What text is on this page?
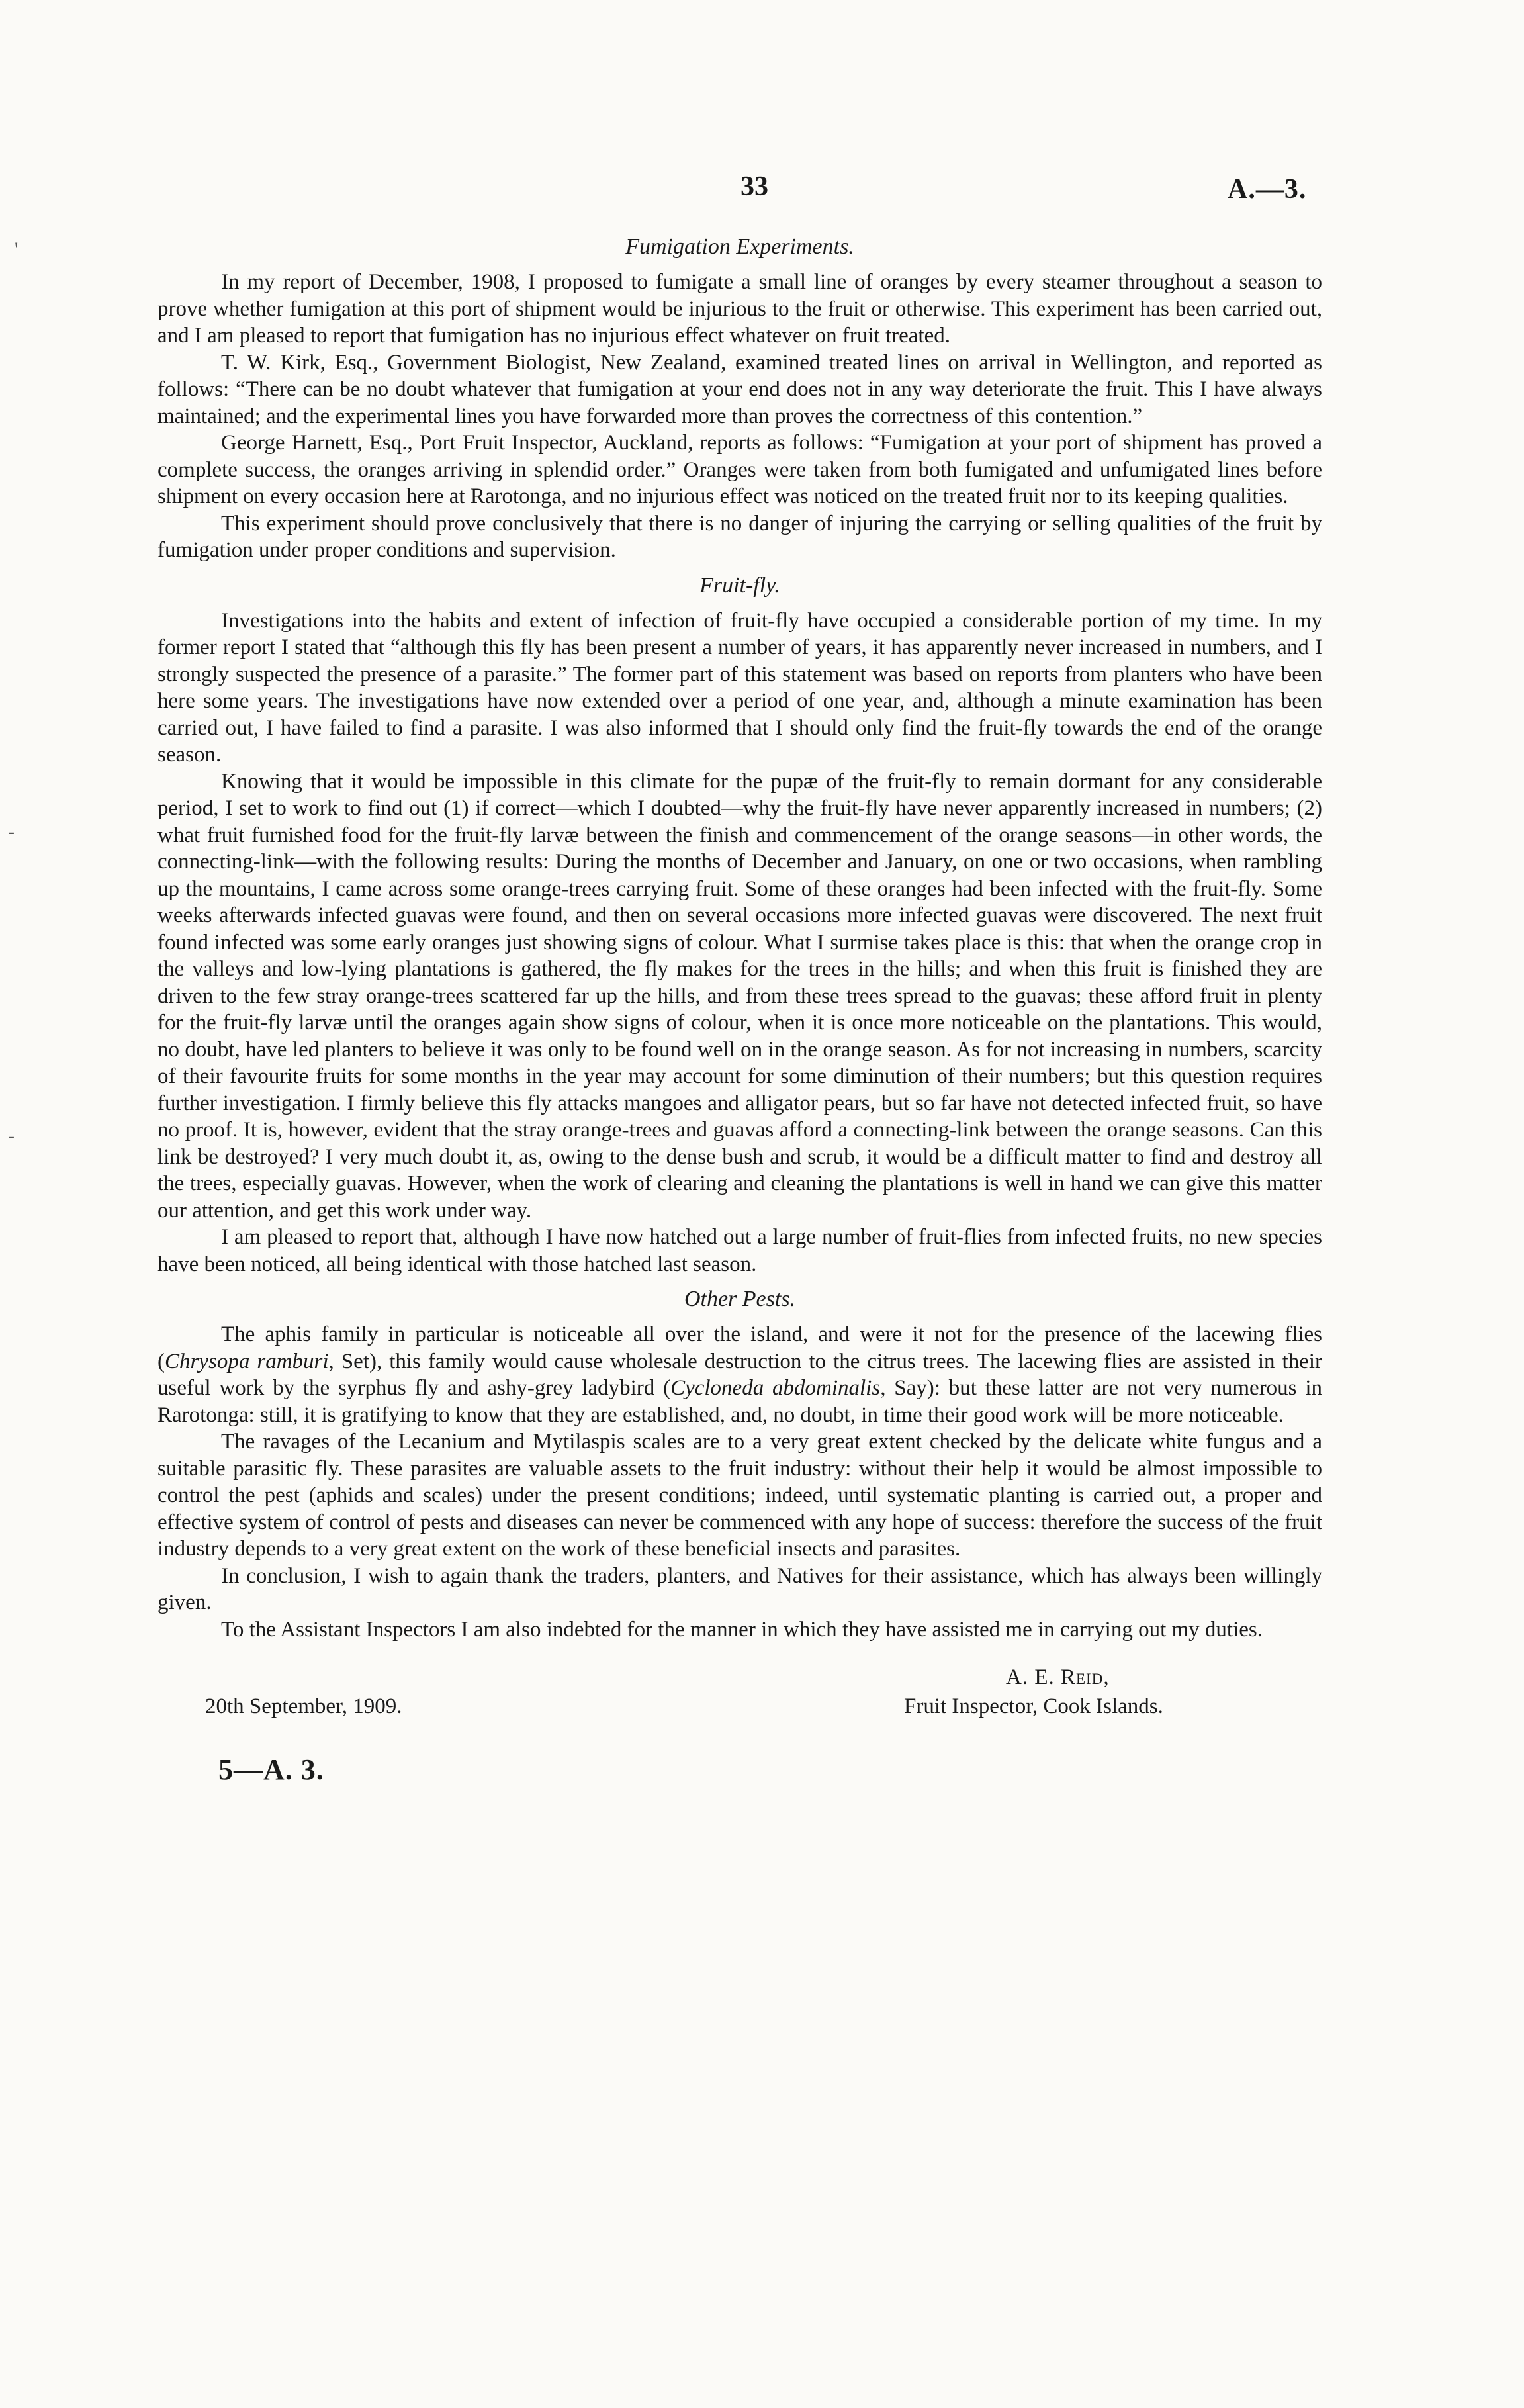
33	A.—3.
'
-
-
Fumigation Experiments.

In my report of December, 1908, I proposed to fumigate a small line of oranges by every steamer throughout a season to prove whether fumigation at this port of shipment would be injurious to the fruit or otherwise. This experiment has been carried out, and I am pleased to report that fumigation has no injurious effect whatever on fruit treated.

T. W. Kirk, Esq., Government Biologist, New Zealand, examined treated lines on arrival in Wellington, and reported as follows: “There can be no doubt whatever that fumigation at your end does not in any way deteriorate the fruit. This I have always maintained; and the experimental lines you have forwarded more than proves the correctness of this contention.”

George Harnett, Esq., Port Fruit Inspector, Auckland, reports as follows: “Fumigation at your port of shipment has proved a complete success, the oranges arriving in splendid order.” Oranges were taken from both fumigated and unfumigated lines before shipment on every occasion here at Rarotonga, and no injurious effect was noticed on the treated fruit nor to its keeping qualities.

This experiment should prove conclusively that there is no danger of injuring the carrying or selling qualities of the fruit by fumigation under proper conditions and supervision.

Fruit-fly.

Investigations into the habits and extent of infection of fruit-fly have occupied a considerable portion of my time. In my former report I stated that “although this fly has been present a number of years, it has apparently never increased in numbers, and I strongly suspected the presence of a parasite.” The former part of this statement was based on reports from planters who have been here some years. The investigations have now extended over a period of one year, and, although a minute examination has been carried out, I have failed to find a parasite. I was also informed that I should only find the fruit-fly towards the end of the orange season.

Knowing that it would be impossible in this climate for the pupæ of the fruit-fly to remain dormant for any considerable period, I set to work to find out (1) if correct—which I doubted—why the fruit-fly have never apparently increased in numbers; (2) what fruit furnished food for the fruit-fly larvæ between the finish and commencement of the orange seasons—in other words, the connecting-link—with the following results: During the months of December and January, on one or two occasions, when rambling up the mountains, I came across some orange-trees carrying fruit. Some of these oranges had been infected with the fruit-fly. Some weeks afterwards infected guavas were found, and then on several occasions more infected guavas were discovered. The next fruit found infected was some early oranges just showing signs of colour. What I surmise takes place is this: that when the orange crop in the valleys and low-lying plantations is gathered, the fly makes for the trees in the hills; and when this fruit is finished they are driven to the few stray orange-trees scattered far up the hills, and from these trees spread to the guavas; these afford fruit in plenty for the fruit-fly larvæ until the oranges again show signs of colour, when it is once more noticeable on the plantations. This would, no doubt, have led planters to believe it was only to be found well on in the orange season. As for not increasing in numbers, scarcity of their favourite fruits for some months in the year may account for some diminution of their numbers; but this question requires further investigation. I firmly believe this fly attacks mangoes and alligator pears, but so far have not detected infected fruit, so have no proof. It is, however, evident that the stray orange-trees and guavas afford a connecting-link between the orange seasons. Can this link be destroyed? I very much doubt it, as, owing to the dense bush and scrub, it would be a difficult matter to find and destroy all the trees, especially guavas. However, when the work of clearing and cleaning the plantations is well in hand we can give this matter our attention, and get this work under way.

I am pleased to report that, although I have now hatched out a large number of fruit-flies from infected fruits, no new species have been noticed, all being identical with those hatched last season.

Other Pests.

The aphis family in particular is noticeable all over the island, and were it not for the presence of the lacewing flies (Chrysopa ramburi, Set), this family would cause wholesale destruction to the citrus trees. The lacewing flies are assisted in their useful work by the syrphus fly and ashy-grey ladybird (Cycloneda abdominalis, Say): but these latter are not very numerous in Rarotonga: still, it is gratifying to know that they are established, and, no doubt, in time their good work will be more noticeable.

The ravages of the Lecanium and Mytilaspis scales are to a very great extent checked by the delicate white fungus and a suitable parasitic fly. These parasites are valuable assets to the fruit industry: without their help it would be almost impossible to control the pest (aphids and scales) under the present conditions; indeed, until systematic planting is carried out, a proper and effective system of control of pests and diseases can never be commenced with any hope of success: therefore the success of the fruit industry depends to a very great extent on the work of these beneficial insects and parasites.

In conclusion, I wish to again thank the traders, planters, and Natives for their assistance, which has always been willingly given.

To the Assistant Inspectors I am also indebted for the manner in which they have assisted me in carrying out my duties.

A. E. Reid,
20th September, 1909.	Fruit Inspector, Cook Islands.
5—A. 3.
